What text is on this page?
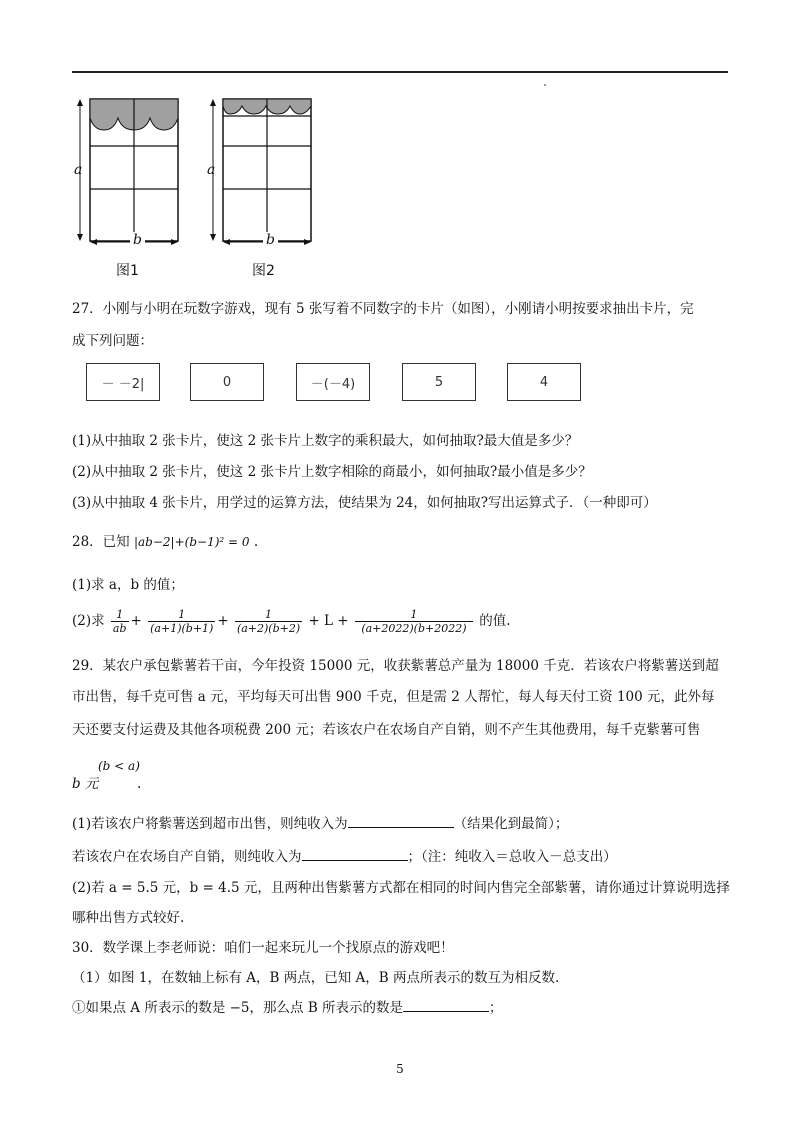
a
b
a
b
图1	图2
27．小刚与小明在玩数字游戏，现有 5 张写着不同数字的卡片（如图），小刚请小明按要求抽出卡片，完
成下列问题：
－ －2|	0	－(－4)	5	4
(1)从中抽取 2 张卡片，使这 2 张卡片上数字的乘积最大，如何抽取?最大值是多少？
(2)从中抽取 2 张卡片，使这 2 张卡片上数字相除的商最小，如何抽取?最小值是多少？
(3)从中抽取 4 张卡片，用学过的运算方法，使结果为 24，如何抽取?写出运算式子．（一种即可）
28．已知 |ab−2|+(b−1)² = 0 .
(1)求 a，b 的值；
(2)求 $\frac{1}{ab} + \frac{1}{(a+1)(b+1)} + \frac{1}{(a+2)(b+2)} + L + \frac{1}{(a+2022)(b+2022)}$ 的值.
29．某农户承包紫薯若干亩，今年投资 15000 元，收获紫薯总产量为 18000 千克．若该农户将紫薯送到超
市出售，每千克可售 a 元，平均每天可出售 900 千克，但是需 2 人帮忙，每人每天付工资 100 元，此外每
天还要支付运费及其他各项税费 200 元；若该农户在农场自产自销，则不产生其他费用，每千克紫薯可售
(b < a)
b 元	.
(1)若该农户将紫薯送到超市出售，则纯收入为	（结果化到最简）；
若该农户在农场自产自销，则纯收入为	；（注：纯收入＝总收入－总支出）
(2)若 a = 5.5 元，b = 4.5 元，且两种出售紫薯方式都在相同的时间内售完全部紫薯，请你通过计算说明选择
哪种出售方式较好.
30．数学课上李老师说：咱们一起来玩儿一个找原点的游戏吧！
（1）如图 1，在数轴上标有 A，B 两点，已知 A，B 两点所表示的数互为相反数.
①如果点 A 所表示的数是 −5，那么点 B 所表示的数是	；
5
